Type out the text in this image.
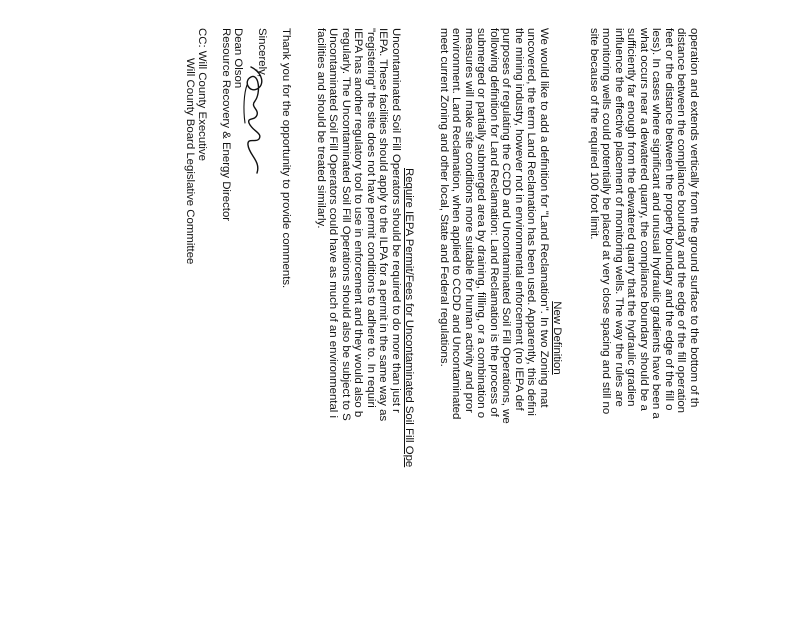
operation and extends vertically from the ground surface to the bottom of th
distance between the compliance boundary and the edge of the fill operation
feet or the distance between the property boundary and the edge of the fill o
less). In cases where significant and unusual hydraulic gradients have been a
what occurs near a dewatered quarry, the compliance boundary should be a
sufficiently far enough from the dewatered quarry that the hydraulic gradien
influence the effective placement of monitoring wells. The way the rules are
monitoring wells could potentially be placed at very close spacing and still no
site because of the required 100 foot limit.
New Definition
We would like to add a definition for "Land Reclamation". In two Zoning mat
uncovered, the term Land Reclamation has been used. Apparently, this defini
the mining industry, however not in environmental enforcement (no IEPA def
purposes of regulating the CCDD and Uncontaminated Soil Fill Operations, we
following definition for Land Reclamation: Land Reclamation is the process of
submerged or partially submerged area by draining, filling, or a combination o
measures will make site conditions more suitable for human activity and pror
environment. Land Reclamation, when applied to CCDD and Uncontaminated
meet current Zoning and other local, State and Federal regulations.
Require IEPA Permit/Fees for Uncontaminated Soil Fill Ope
Uncontaminated Soil Fill Operators should be required to do more than just r
IEPA. These facilities should apply to the ILPA for a permit in the same way as
"registering" the site does not have permit conditions to adhere to. In requiri
IEPA has another regulatory tool to use in enforcement and they would also b
regularly. The Uncontaminated Soil Fill Operations should also be subject to S
Uncontaminated Soil Fill Operators could have as much of an environmental i
facilities and should be treated similarly.
Thank you for the opportunity to provide comments.
Sincerely,
Dean Olson
Resource Recovery & Energy Director
CC: Will County Executive
Will County Board Legislative Committee
